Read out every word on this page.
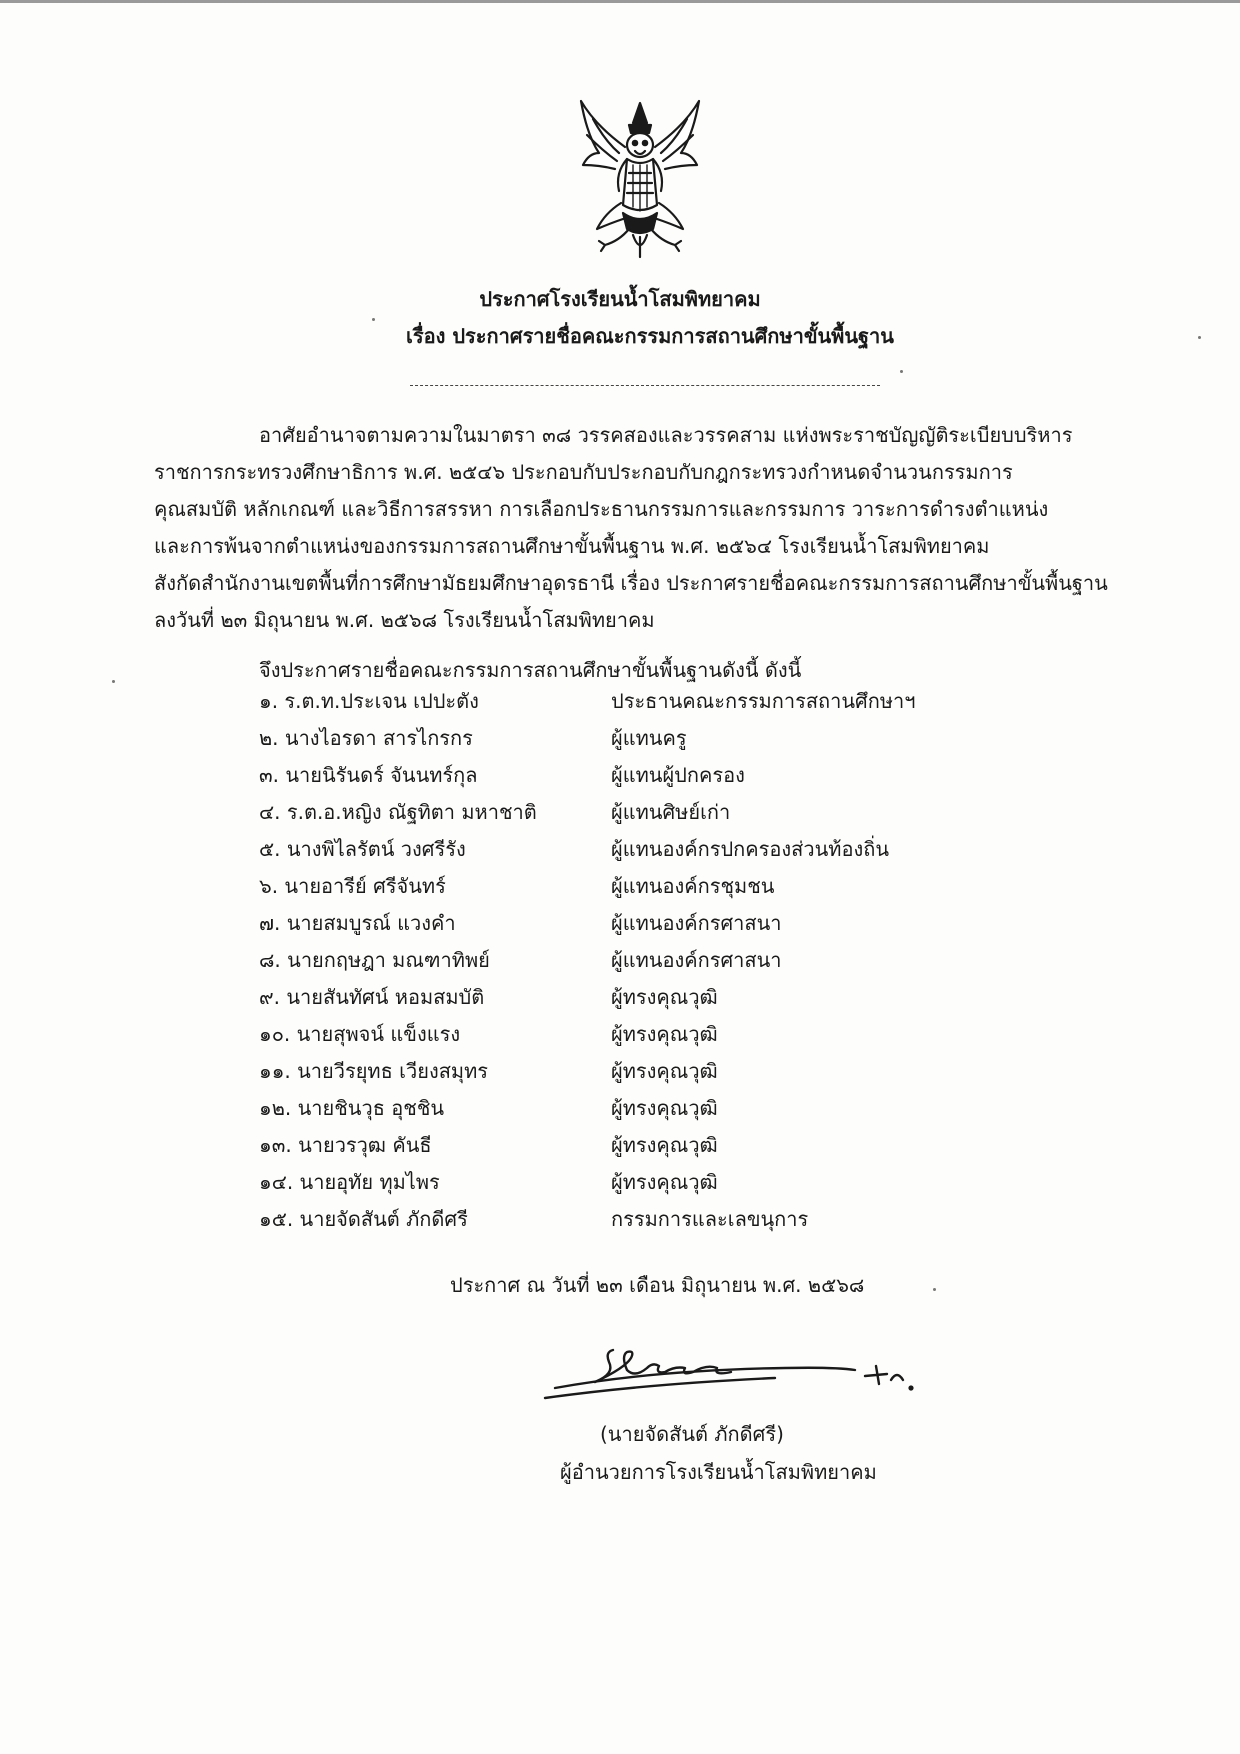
ประกาศโรงเรียนน้ำโสมพิทยาคม
เรื่อง ประกาศรายชื่อคณะกรรมการสถานศึกษาขั้นพื้นฐาน
อาศัยอำนาจตามความในมาตรา ๓๘ วรรคสองและวรรคสาม แห่งพระราชบัญญัติระเบียบบริหาร
ราชการกระทรวงศึกษาธิการ พ.ศ. ๒๕๔๖ ประกอบกับประกอบกับกฎกระทรวงกำหนดจำนวนกรรมการ
คุณสมบัติ หลักเกณฑ์ และวิธีการสรรหา การเลือกประธานกรรมการและกรรมการ วาระการดำรงตำแหน่ง
และการพ้นจากตำแหน่งของกรรมการสถานศึกษาขั้นพื้นฐาน พ.ศ. ๒๕๖๔ โรงเรียนน้ำโสมพิทยาคม
สังกัดสำนักงานเขตพื้นที่การศึกษามัธยมศึกษาอุดรธานี เรื่อง ประกาศรายชื่อคณะกรรมการสถานศึกษาขั้นพื้นฐาน
ลงวันที่ ๒๓ มิถุนายน พ.ศ. ๒๕๖๘ โรงเรียนน้ำโสมพิทยาคม
จึงประกาศรายชื่อคณะกรรมการสถานศึกษาขั้นพื้นฐานดังนี้ ดังนี้
๑. ร.ต.ท.ประเจน เปปะตัง	ประธานคณะกรรมการสถานศึกษาฯ
๒. นางไอรดา สารไกรกร	ผู้แทนครู
๓. นายนิรันดร์ จันนทร์กุล	ผู้แทนผู้ปกครอง
๔. ร.ต.อ.หญิง ณัฐทิตา มหาชาติ	ผู้แทนศิษย์เก่า
๕. นางพิไลรัตน์ วงศรีรัง	ผู้แทนองค์กรปกครองส่วนท้องถิ่น
๖. นายอารีย์ ศรีจันทร์	ผู้แทนองค์กรชุมชน
๗. นายสมบูรณ์ แวงคำ	ผู้แทนองค์กรศาสนา
๘. นายกฤษฎา มณฑาทิพย์	ผู้แทนองค์กรศาสนา
๙. นายสันทัศน์ หอมสมบัติ	ผู้ทรงคุณวุฒิ
๑๐. นายสุพจน์ แข็งแรง	ผู้ทรงคุณวุฒิ
๑๑. นายวีรยุทธ เวียงสมุทร	ผู้ทรงคุณวุฒิ
๑๒. นายชินวุธ อุชชิน	ผู้ทรงคุณวุฒิ
๑๓. นายวรวุฒ คันธี	ผู้ทรงคุณวุฒิ
๑๔. นายอุทัย ทุมไพร	ผู้ทรงคุณวุฒิ
๑๕. นายจัดสันต์ ภักดีศรี	กรรมการและเลขนุการ
ประกาศ ณ วันที่ ๒๓ เดือน มิถุนายน พ.ศ. ๒๕๖๘
(นายจัดสันต์ ภักดีศรี)
ผู้อำนวยการโรงเรียนน้ำโสมพิทยาคม
